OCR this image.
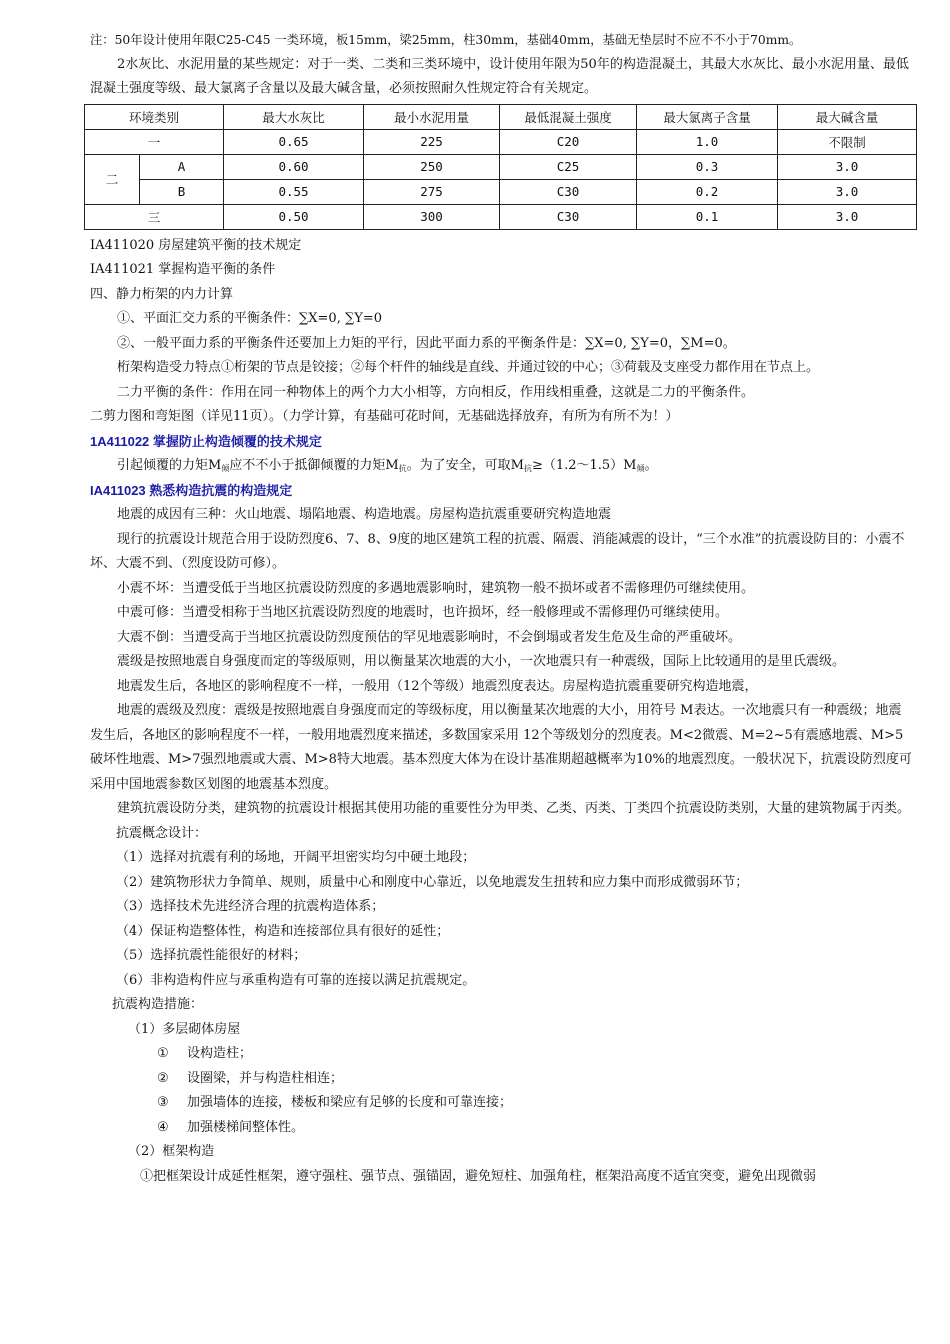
注：50年设计使用年限C25-C45 一类环境，板15mm，梁25mm，柱30mm，基础40mm，基础无垫层时不应不不小于70mm。

2水灰比、水泥用量的某些规定：对于一类、二类和三类环境中，设计使用年限为50年的构造混凝土，其最大水灰比、最小水泥用量、最低混凝土强度等级、最大氯离子含量以及最大碱含量，必须按照耐久性规定符合有关规定。

环境类别		最大水灰比	最小水泥用量	最低混凝土强度	最大氯离子含量	最大碱含量
一		0.65	225	C20	1.0	不限制
二	A	0.60	250	C25	0.3	3.0
	B	0.55	275	C30	0.2	3.0
三		0.50	300	C30	0.1	3.0

IA411020 房屋建筑平衡的技术规定

IA411021 掌握构造平衡的条件

四、静力桁架的内力计算

①、平面汇交力系的平衡条件：∑X=0, ∑Y=0

②、一般平面力系的平衡条件还要加上力矩的平行，因此平面力系的平衡条件是：∑X=0, ∑Y=0，∑M=0。

桁架构造受力特点①桁架的节点是铰接；②每个杆件的轴线是直线、并通过铰的中心；③荷载及支座受力都作用在节点上。

二力平衡的条件：作用在同一种物体上的两个力大小相等，方向相反，作用线相重叠，这就是二力的平衡条件。

二剪力图和弯矩图（详见11页）。（力学计算，有基础可花时间，无基础选择放弃，有所为有所不为！）

1A411022 掌握防止构造倾覆的技术规定

引起倾覆的力矩$M_倾$应不不小于抵御倾覆的力矩$M_抗$。为了安全，可取$M_抗\ge(1.2\sim 1.5)M_倾$。

IA411023 熟悉构造抗震的构造规定

地震的成因有三种：火山地震、塌陷地震、构造地震。房屋构造抗震重要研究构造地震

现行的抗震设计规范合用于设防烈度6、7、8、9度的地区建筑工程的抗震、隔震、消能减震的设计，“三个水准”的抗震设防目的：小震不坏、大震不到、（烈度设防可修）。

小震不坏：当遭受低于当地区抗震设防烈度的多遇地震影响时，建筑物一般不损坏或者不需修理仍可继续使用。

中震可修：当遭受相称于当地区抗震设防烈度的地震时，也许损坏，经一般修理或不需修理仍可继续使用。

大震不倒：当遭受高于当地区抗震设防烈度预估的罕见地震影响时，不会倒塌或者发生危及生命的严重破坏。

震级是按照地震自身强度而定的等级原则，用以衡量某次地震的大小，一次地震只有一种震级，国际上比较通用的是里氏震级。

地震发生后，各地区的影响程度不一样，一般用（12个等级）地震烈度表达。房屋构造抗震重要研究构造地震，

地震的震级及烈度：震级是按照地震自身强度而定的等级标度，用以衡量某次地震的大小，用符号 M表达。一次地震只有一种震级；地震发生后，各地区的影响程度不一样，一般用地震烈度来描述，多数国家采用 12个等级划分的烈度表。M<2微震、M=2~5有震感地震、M>5破坏性地震、M>7强烈地震或大震、M>8特大地震。基本烈度大体为在设计基准期超越概率为10%的地震烈度。一般状况下，抗震设防烈度可采用中国地震参数区划图的地震基本烈度。

建筑抗震设防分类，建筑物的抗震设计根据其使用功能的重要性分为甲类、乙类、丙类、丁类四个抗震设防类别，大量的建筑物属于丙类。

抗震概念设计：

（1）选择对抗震有利的场地，开阔平坦密实均匀中硬土地段；

（2）建筑物形状力争简单、规则，质量中心和刚度中心靠近，以免地震发生扭转和应力集中而形成微弱环节；

（3）选择技术先进经济合理的抗震构造体系；

（4）保证构造整体性，构造和连接部位具有很好的延性；

（5）选择抗震性能很好的材料；

（6）非构造构件应与承重构造有可靠的连接以满足抗震规定。

抗震构造措施：

（1）多层砌体房屋

① 设构造柱；

② 设圈梁，并与构造柱相连；

③ 加强墙体的连接，楼板和梁应有足够的长度和可靠连接；

④ 加强楼梯间整体性。

（2）框架构造

①把框架设计成延性框架，遵守强柱、强节点、强锚固，避免短柱、加强角柱，框架沿高度不适宜突变，避免出现微弱
